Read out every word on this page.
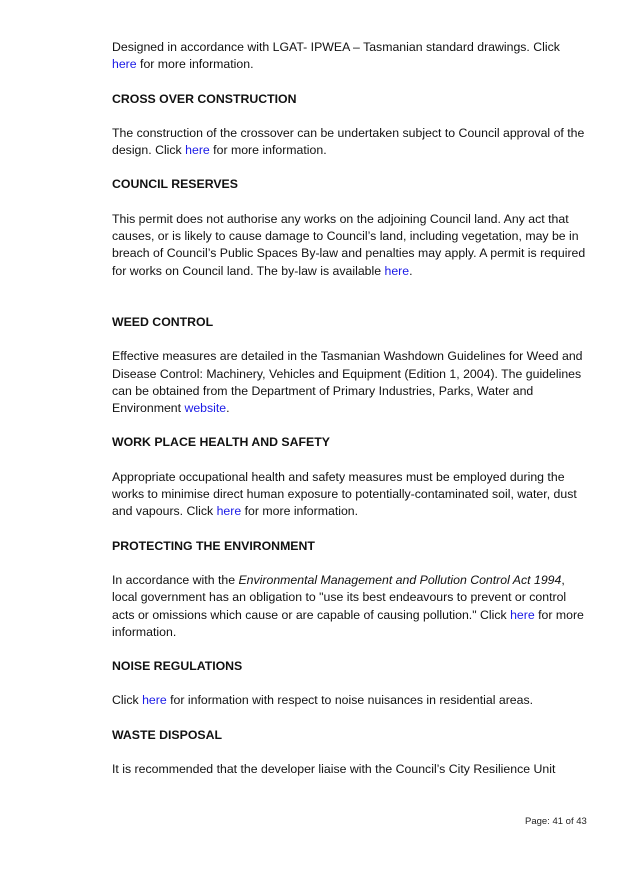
Designed in accordance with LGAT- IPWEA – Tasmanian standard drawings. Click
here for more information.

CROSS OVER CONSTRUCTION

The construction of the crossover can be undertaken subject to Council approval of the design. Click here for more information.

COUNCIL RESERVES

This permit does not authorise any works on the adjoining Council land. Any act that causes, or is likely to cause damage to Council’s land, including vegetation, may be in breach of Council’s Public Spaces By-law and penalties may apply. A permit is required for works on Council land. The by-law is available here.

WEED CONTROL

Effective measures are detailed in the Tasmanian Washdown Guidelines for Weed and Disease Control: Machinery, Vehicles and Equipment (Edition 1, 2004). The guidelines can be obtained from the Department of Primary Industries, Parks, Water and Environment website.

WORK PLACE HEALTH AND SAFETY

Appropriate occupational health and safety measures must be employed during the works to minimise direct human exposure to potentially-contaminated soil, water, dust and vapours. Click here for more information.

PROTECTING THE ENVIRONMENT

In accordance with the Environmental Management and Pollution Control Act 1994, local government has an obligation to "use its best endeavours to prevent or control acts or omissions which cause or are capable of causing pollution." Click here for more information.

NOISE REGULATIONS

Click here for information with respect to noise nuisances in residential areas.

WASTE DISPOSAL

It is recommended that the developer liaise with the Council’s City Resilience Unit

Page: 41 of 43
